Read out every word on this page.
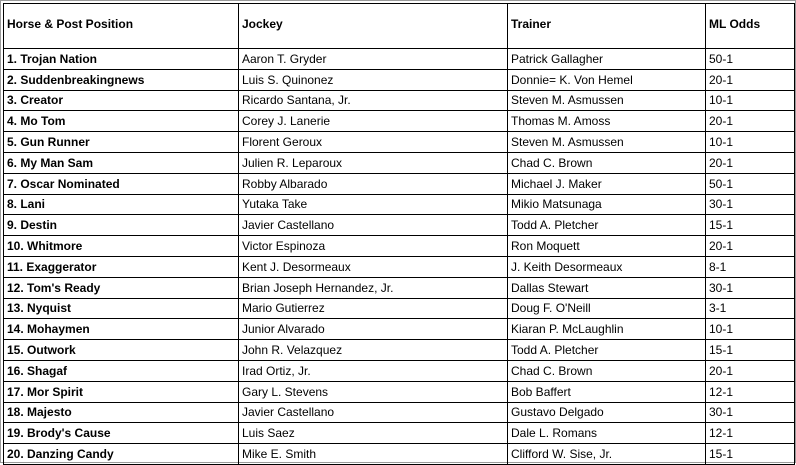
Horse & Post Position	Jockey	Trainer	ML Odds
1. Trojan Nation	Aaron T. Gryder	Patrick Gallagher	50-1
2. Suddenbreakingnews	Luis S. Quinonez	Donnie= K. Von Hemel	20-1
3. Creator	Ricardo Santana, Jr.	Steven M. Asmussen	10-1
4. Mo Tom	Corey J. Lanerie	Thomas M. Amoss	20-1
5. Gun Runner	Florent Geroux	Steven M. Asmussen	10-1
6. My Man Sam	Julien R. Leparoux	Chad C. Brown	20-1
7. Oscar Nominated	Robby Albarado	Michael J. Maker	50-1
8. Lani	Yutaka Take	Mikio Matsunaga	30-1
9. Destin	Javier Castellano	Todd A. Pletcher	15-1
10. Whitmore	Victor Espinoza	Ron Moquett	20-1
11. Exaggerator	Kent J. Desormeaux	J. Keith Desormeaux	8-1
12. Tom's Ready	Brian Joseph Hernandez, Jr.	Dallas Stewart	30-1
13. Nyquist	Mario Gutierrez	Doug F. O'Neill	3-1
14. Mohaymen	Junior Alvarado	Kiaran P. McLaughlin	10-1
15. Outwork	John R. Velazquez	Todd A. Pletcher	15-1
16. Shagaf	Irad Ortiz, Jr.	Chad C. Brown	20-1
17. Mor Spirit	Gary L. Stevens	Bob Baffert	12-1
18. Majesto	Javier Castellano	Gustavo Delgado	30-1
19. Brody's Cause	Luis Saez	Dale L. Romans	12-1
20. Danzing Candy	Mike E. Smith	Clifford W. Sise, Jr.	15-1
